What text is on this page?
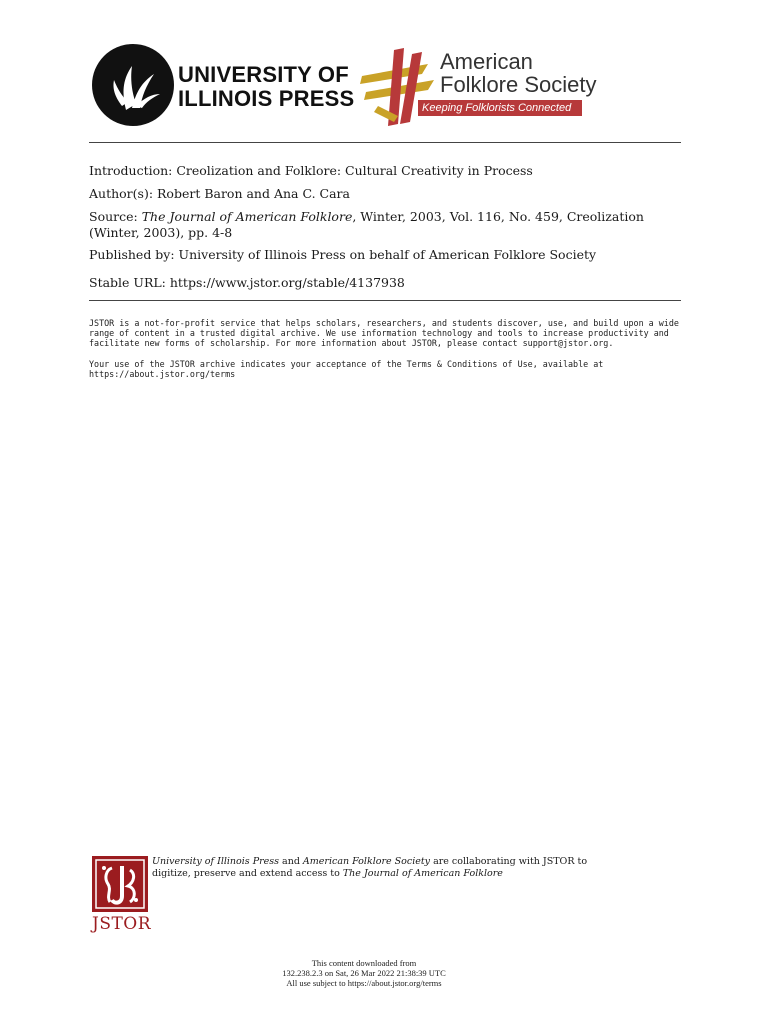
UNIVERSITY OF
ILLINOIS PRESS
American
Folklore Society
Keeping Folklorists Connected
Introduction: Creolization and Folklore: Cultural Creativity in Process
Author(s): Robert Baron and Ana C. Cara
Source: The Journal of American Folklore, Winter, 2003, Vol. 116, No. 459, Creolization
(Winter, 2003), pp. 4-8
Published by: University of Illinois Press on behalf of American Folklore Society
Stable URL: https://www.jstor.org/stable/4137938
JSTOR is a not-for-profit service that helps scholars, researchers, and students discover, use, and build upon a wide
range of content in a trusted digital archive. We use information technology and tools to increase productivity and
facilitate new forms of scholarship. For more information about JSTOR, please contact support@jstor.org.
Your use of the JSTOR archive indicates your acceptance of the Terms & Conditions of Use, available at
https://about.jstor.org/terms
JSTOR
University of Illinois Press and American Folklore Society are collaborating with JSTOR to
digitize, preserve and extend access to The Journal of American Folklore
This content downloaded from
132.238.2.3 on Sat, 26 Mar 2022 21:38:39 UTC
All use subject to https://about.jstor.org/terms
